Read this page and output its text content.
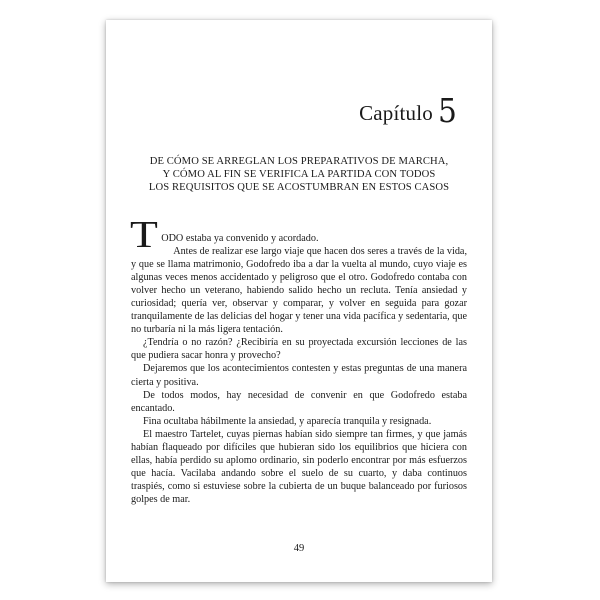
Capítulo 5
DE CÓMO SE ARREGLAN LOS PREPARATIVOS DE MARCHA,
Y CÓMO AL FIN SE VERIFICA LA PARTIDA CON TODOS
LOS REQUISITOS QUE SE ACOSTUMBRAN EN ESTOS CASOS

T ODO estaba ya convenido y acordado.

Antes de realizar ese largo viaje que hacen dos seres a través de la vida, y que se llama matrimonio, Godofredo iba a dar la vuelta al mundo, cuyo viaje es algunas veces menos accidentado y peligroso que el otro. Godofredo contaba con volver hecho un veterano, habiendo salido hecho un recluta. Tenía ansiedad y curiosidad; quería ver, observar y comparar, y volver en seguida para gozar tranquilamente de las delicias del hogar y tener una vida pacífica y sedentaria, que no turbaría ni la más ligera tentación.

¿Tendría o no razón? ¿Recibiría en su proyectada excursión lecciones de las que pudiera sacar honra y provecho?

Dejaremos que los acontecimientos contesten y estas preguntas de una manera cierta y positiva.

De todos modos, hay necesidad de convenir en que Godofredo estaba encantado.

Fina ocultaba hábilmente la ansiedad, y aparecía tranquila y resignada.

El maestro Tartelet, cuyas piernas habían sido siempre tan firmes, y que jamás habían flaqueado por difíciles que hubieran sido los equilibrios que hiciera con ellas, había perdido su aplomo ordinario, sin poderlo encontrar por más esfuerzos que hacía. Vacilaba andando sobre el suelo de su cuarto, y daba continuos traspiés, como si estuviese sobre la cubierta de un buque balanceado por furiosos golpes de mar.

49
